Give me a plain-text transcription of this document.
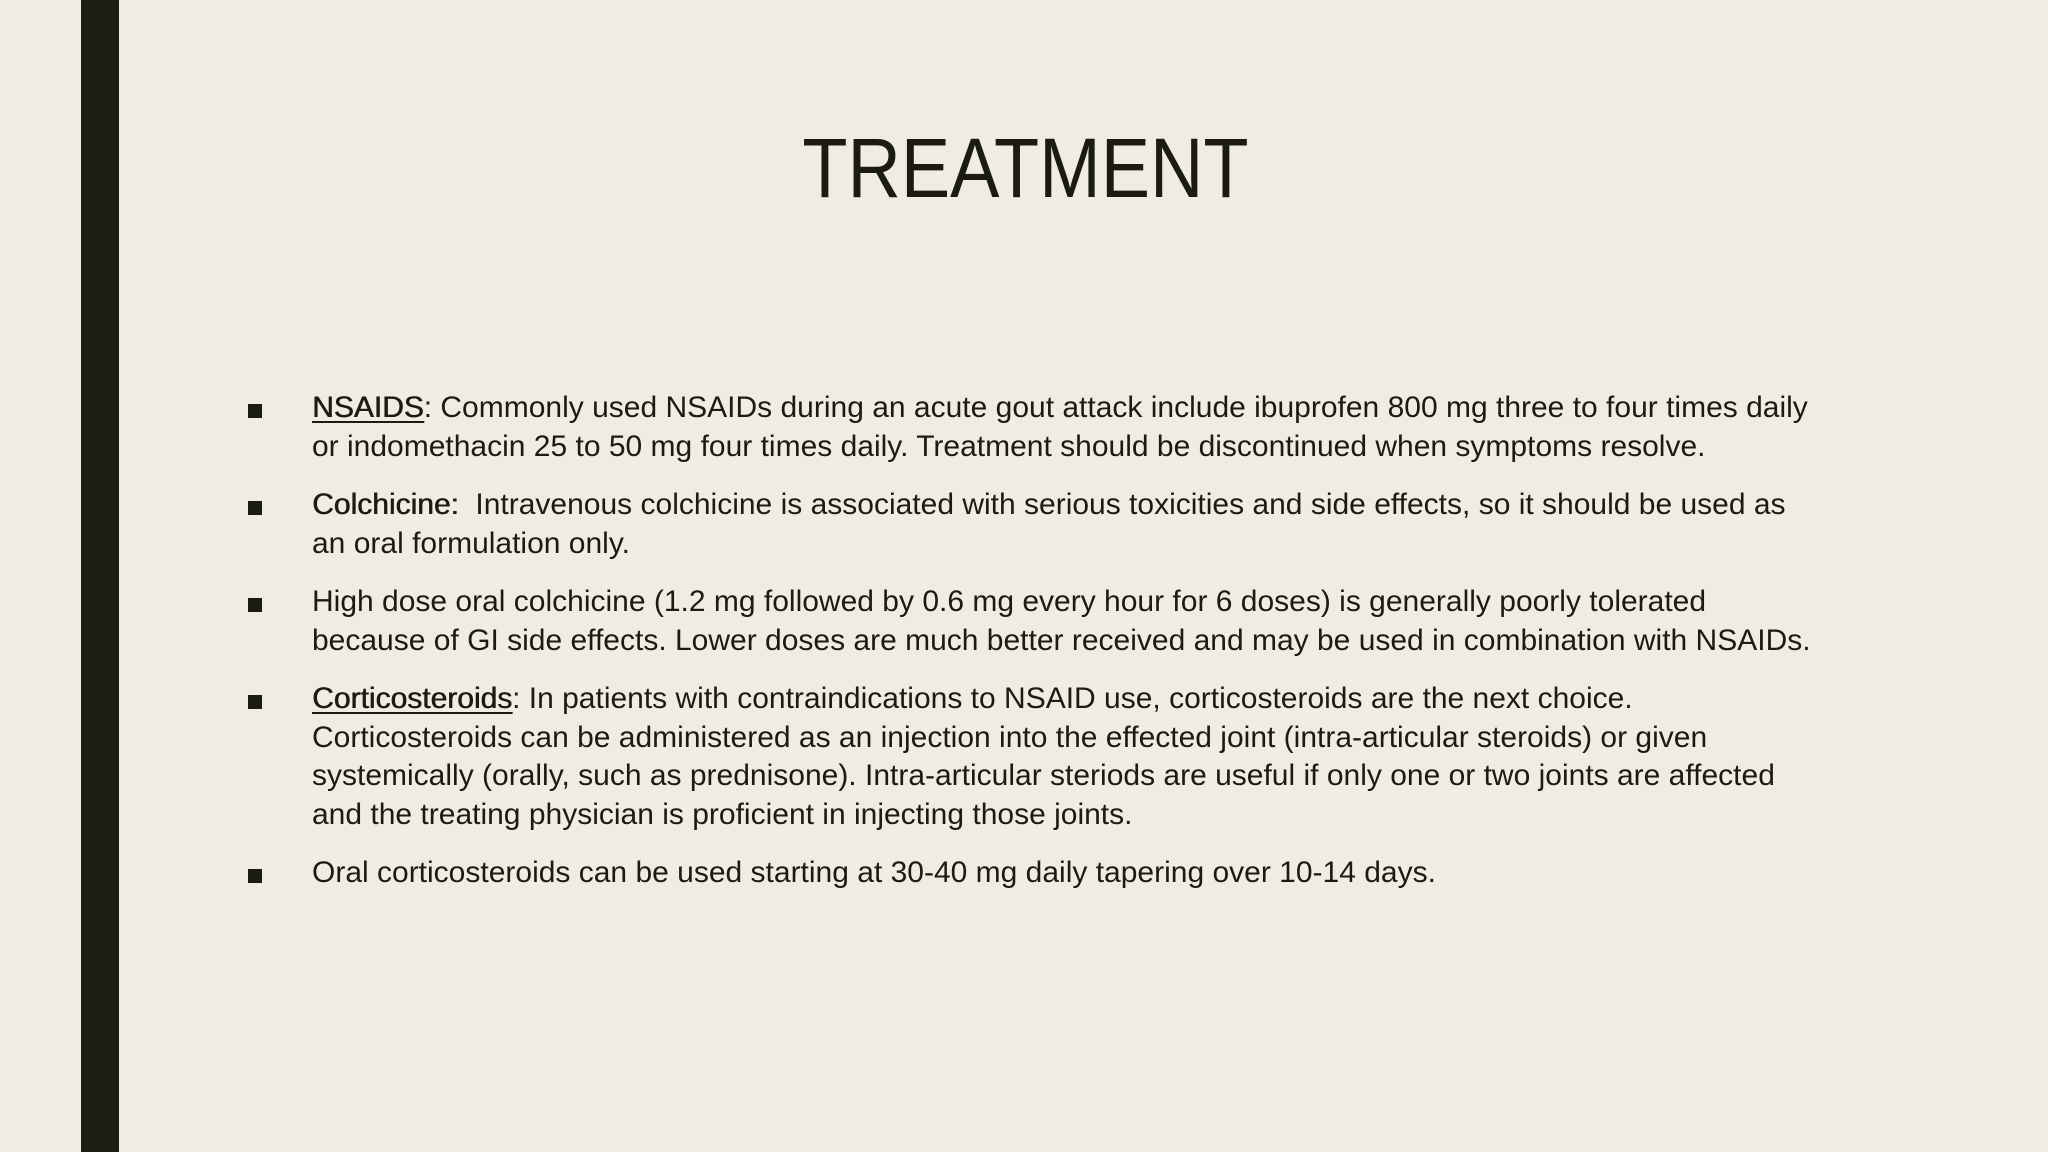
TREATMENT
NSAIDS: Commonly used NSAIDs during an acute gout attack include ibuprofen 800 mg three to four times daily or indomethacin 25 to 50 mg four times daily. Treatment should be discontinued when symptoms resolve.
Colchicine:  Intravenous colchicine is associated with serious toxicities and side effects, so it should be used as an oral formulation only.
High dose oral colchicine (1.2 mg followed by 0.6 mg every hour for 6 doses) is generally poorly tolerated because of GI side effects. Lower doses are much better received and may be used in combination with NSAIDs.
Corticosteroids: In patients with contraindications to NSAID use, corticosteroids are the next choice. Corticosteroids can be administered as an injection into the effected joint (intra-articular steroids) or given systemically (orally, such as prednisone). Intra-articular steriods are useful if only one or two joints are affected and the treating physician is proficient in injecting those joints.
Oral corticosteroids can be used starting at 30-40 mg daily tapering over 10-14 days.
